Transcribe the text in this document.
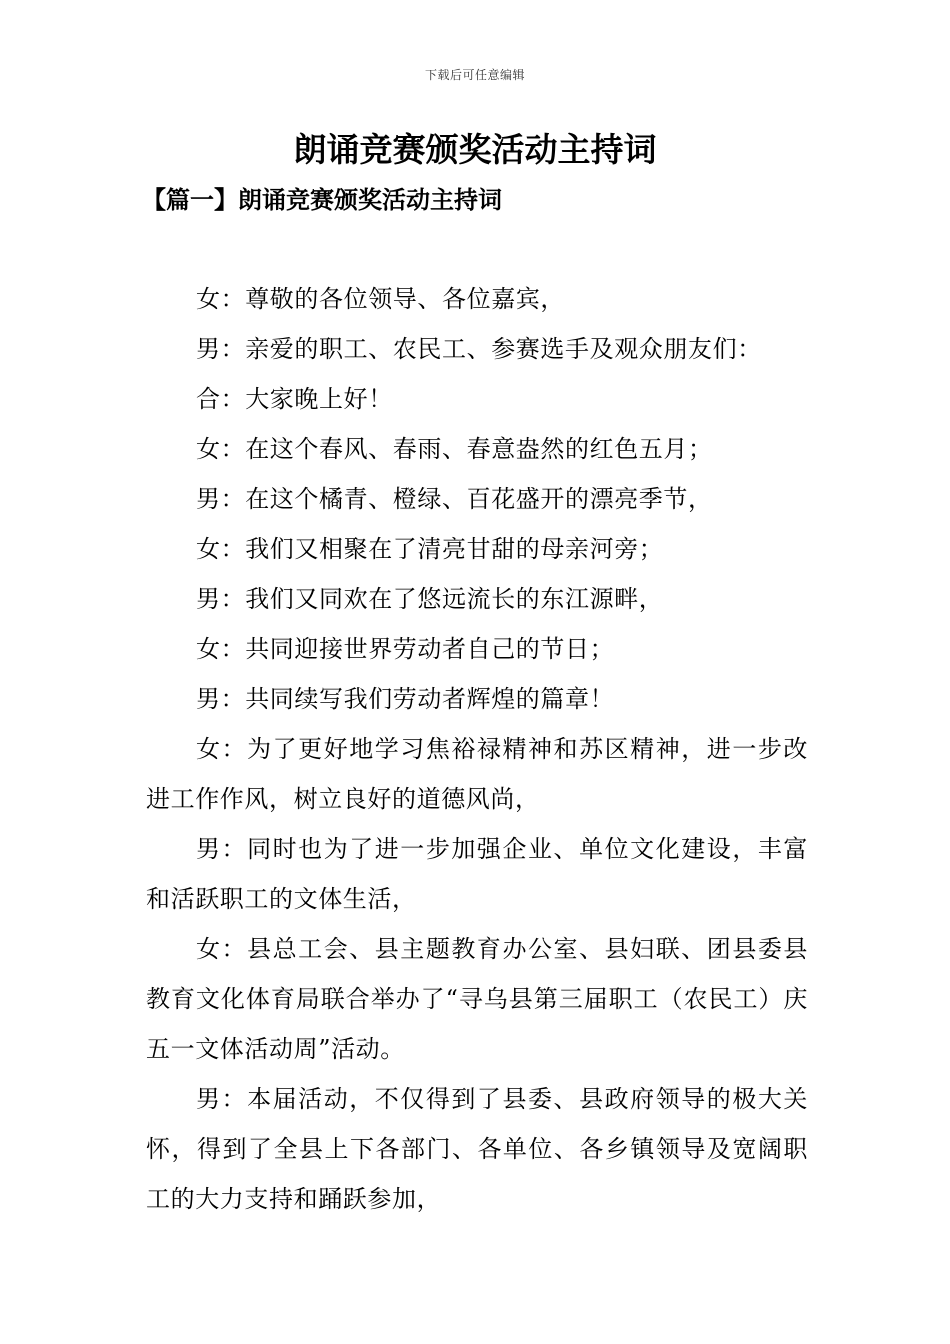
下载后可任意编辑
朗诵竞赛颁奖活动主持词
【篇一】朗诵竞赛颁奖活动主持词

女：尊敬的各位领导、各位嘉宾，

男：亲爱的职工、农民工、参赛选手及观众朋友们：

合：大家晚上好！

女：在这个春风、春雨、春意盎然的红色五月；

男：在这个橘青、橙绿、百花盛开的漂亮季节，

女：我们又相聚在了清亮甘甜的母亲河旁；

男：我们又同欢在了悠远流长的东江源畔，

女：共同迎接世界劳动者自己的节日；

男：共同续写我们劳动者辉煌的篇章！

女：为了更好地学习焦裕禄精神和苏区精神，进一步改进工作作风，树立良好的道德风尚，

男：同时也为了进一步加强企业、单位文化建设，丰富和活跃职工的文体生活，

女：县总工会、县主题教育办公室、县妇联、团县委县教育文化体育局联合举办了“寻乌县第三届职工（农民工）庆五一文体活动周”活动。

男：本届活动，不仅得到了县委、县政府领导的极大关怀，得到了全县上下各部门、各单位、各乡镇领导及宽阔职工的大力支持和踊跃参加，
